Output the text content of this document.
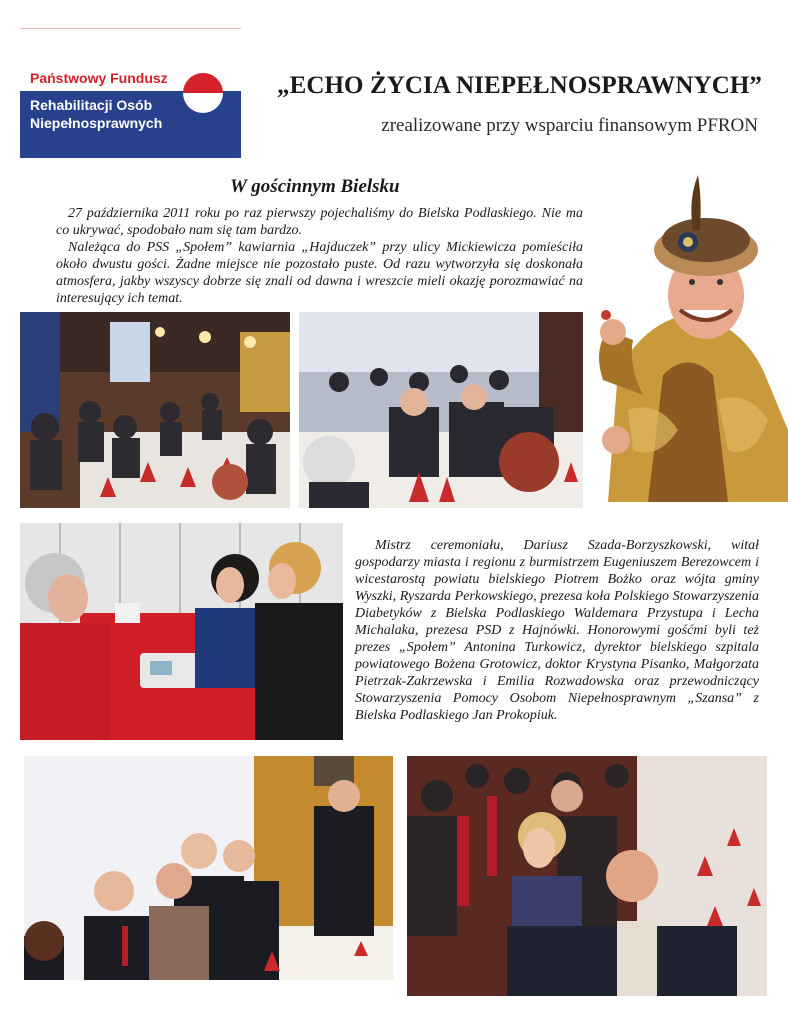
Państwowy Fundusz
Rehabilitacji Osób
Niepełnosprawnych
„ECHO ŻYCIA NIEPEŁNOSPRAWNYCH”
zrealizowane przy wsparciu finansowym PFRON
W gościnnym Bielsku

27 października 2011 roku po raz pierwszy pojechaliśmy do Bielska Podlaskiego. Nie ma co ukrywać, spodobało nam się tam bardzo.

Należąca do PSS „Społem” kawiarnia „Hajduczek” przy ulicy Mickiewicza pomieściła około dwustu gości. Żadne miejsce nie pozostało puste. Od razu wytworzyła się doskonała atmosfera, jakby wszyscy dobrze się znali od dawna i wreszcie mieli okazję porozmawiać na interesujący ich temat.

Mistrz ceremoniału, Dariusz Szada-Borzyszkowski, witał gospodarzy miasta i regionu z burmistrzem Eugeniuszem Berezowcem i wicestarostą powiatu bielskiego Piotrem Bożko oraz wójta gminy Wyszki, Ryszarda Perkowskiego, prezesa koła Polskiego Stowarzyszenia Diabetyków z Bielska Podlaskiego Waldemara Przystupa i Lecha Michalaka, prezesa PSD z Hajnówki. Honorowymi gośćmi byli też prezes „Społem” Antonina Turkowicz, dyrektor bielskiego szpitala powiatowego Bożena Grotowicz, doktor Krystyna Pisanko, Małgorzata Pietrzak-Zakrzewska i Emilia Rozwadowska oraz przewodniczący Stowarzyszenia Pomocy Osobom Niepełnosprawnym „Szansa” z Bielska Podlaskiego Jan Prokopiuk.
